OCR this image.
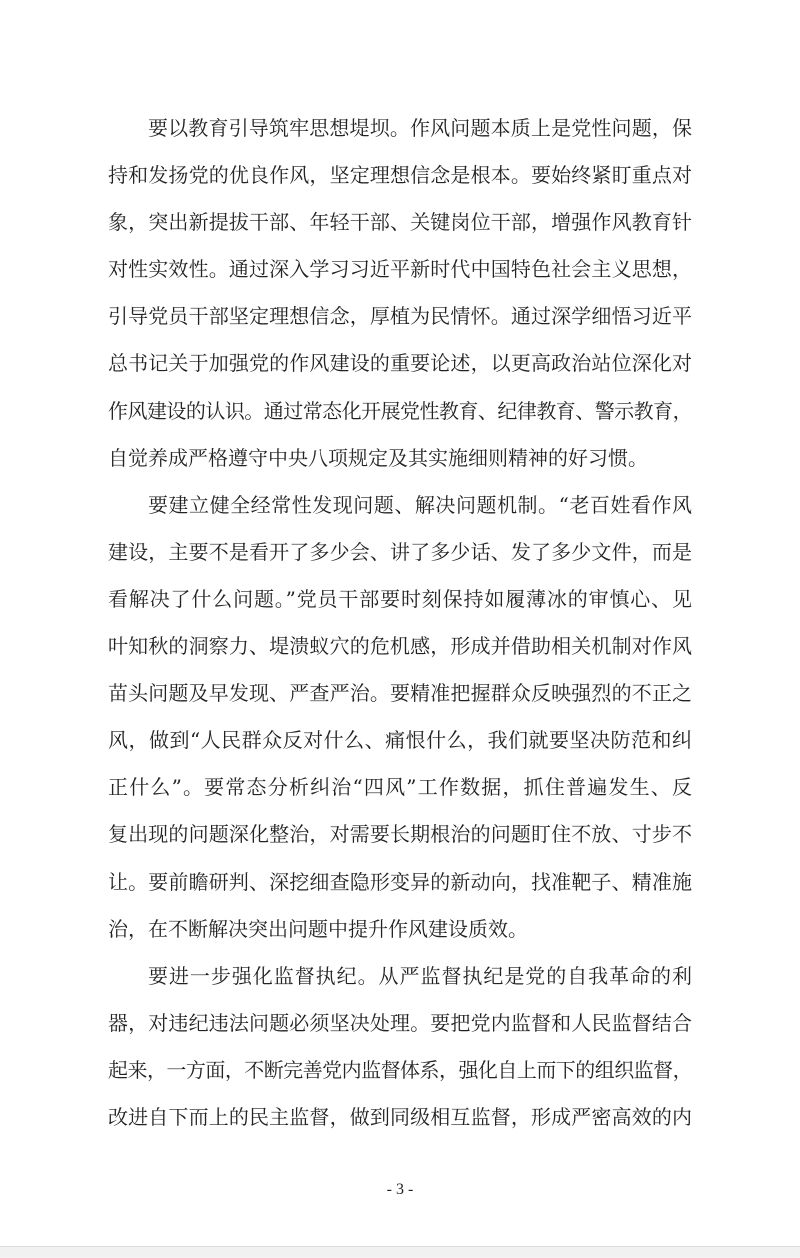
要以教育引导筑牢思想堤坝。作风问题本质上是党性问题，保
持和发扬党的优良作风，坚定理想信念是根本。要始终紧盯重点对
象，突出新提拔干部、年轻干部、关键岗位干部，增强作风教育针
对性实效性。通过深入学习习近平新时代中国特色社会主义思想，
引导党员干部坚定理想信念，厚植为民情怀。通过深学细悟习近平
总书记关于加强党的作风建设的重要论述，以更高政治站位深化对
作风建设的认识。通过常态化开展党性教育、纪律教育、警示教育，
自觉养成严格遵守中央八项规定及其实施细则精神的好习惯。
要建立健全经常性发现问题、解决问题机制。“老百姓看作风
建设，主要不是看开了多少会、讲了多少话、发了多少文件，而是
看解决了什么问题。”党员干部要时刻保持如履薄冰的审慎心、见
叶知秋的洞察力、堤溃蚁穴的危机感，形成并借助相关机制对作风
苗头问题及早发现、严查严治。要精准把握群众反映强烈的不正之
风，做到“人民群众反对什么、痛恨什么，我们就要坚决防范和纠
正什么”。要常态分析纠治“四风”工作数据，抓住普遍发生、反
复出现的问题深化整治，对需要长期根治的问题盯住不放、寸步不
让。要前瞻研判、深挖细查隐形变异的新动向，找准靶子、精准施
治，在不断解决突出问题中提升作风建设质效。
要进一步强化监督执纪。从严监督执纪是党的自我革命的利
器，对违纪违法问题必须坚决处理。要把党内监督和人民监督结合
起来，一方面，不断完善党内监督体系，强化自上而下的组织监督，
改进自下而上的民主监督，做到同级相互监督，形成严密高效的内
- 3 -
